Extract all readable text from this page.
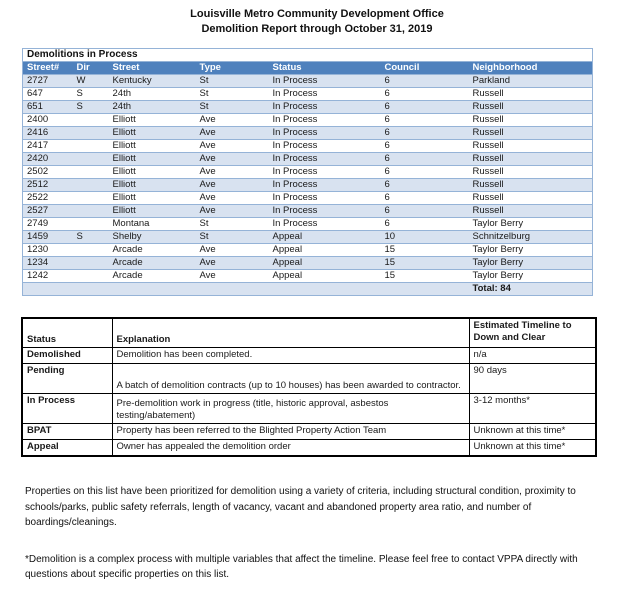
Louisville Metro Community Development Office
Demolition Report through October 31, 2019
Demolitions in Process						
Street#	Dir	Street	Type	Status	Council	Neighborhood
2727	W	Kentucky	St	In Process	6	Parkland
647	S	24th	St	In Process	6	Russell
651	S	24th	St	In Process	6	Russell
2400		Elliott	Ave	In Process	6	Russell
2416		Elliott	Ave	In Process	6	Russell
2417		Elliott	Ave	In Process	6	Russell
2420		Elliott	Ave	In Process	6	Russell
2502		Elliott	Ave	In Process	6	Russell
2512		Elliott	Ave	In Process	6	Russell
2522		Elliott	Ave	In Process	6	Russell
2527		Elliott	Ave	In Process	6	Russell
2749		Montana	St	In Process	6	Taylor Berry
1459	S	Shelby	St	Appeal	10	Schnitzelburg
1230		Arcade	Ave	Appeal	15	Taylor Berry
1234		Arcade	Ave	Appeal	15	Taylor Berry
1242		Arcade	Ave	Appeal	15	Taylor Berry
						Total: 84
Status	Explanation	Estimated Timeline to Down and Clear
Demolished	Demolition has been completed.	n/a
Pending	A batch of demolition contracts (up to 10 houses) has been awarded to contractor.	90 days
In Process	Pre-demolition work in progress (title, historic approval, asbestos testing/abatement)	3-12 months*
BPAT	Property has been referred to the Blighted Property Action Team	Unknown at this time*
Appeal	Owner has appealed the demolition order	Unknown at this time*

Properties on this list have been prioritized for demolition using a variety of criteria, including structural condition, proximity to schools/parks, public safety referrals, length of vacancy, vacant and abandoned property area ratio, and number of boardings/cleanings.

*Demolition is a complex process with multiple variables that affect the timeline. Please feel free to contact VPPA directly with questions about specific properties on this list.
